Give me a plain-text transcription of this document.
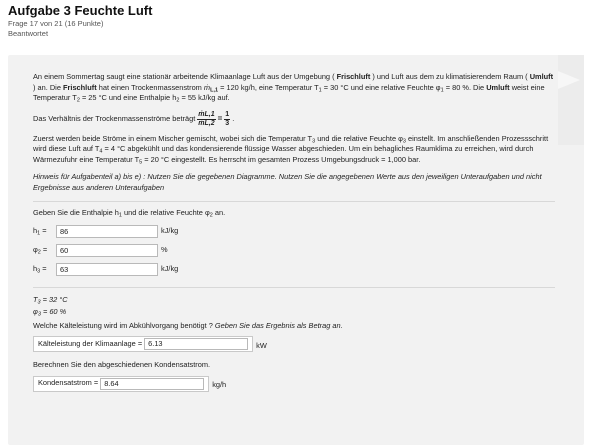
Aufgabe 3 Feuchte Luft
Frage 17 von 21 (16 Punkte)
Beantwortet

An einem Sommertag saugt eine stationär arbeitende Klimaanlage Luft aus der Umgebung ( Frischluft ) und Luft aus dem zu klimatisierendem Raum ( Umluft ) an. Die Frischluft hat einen Trockenmassenstrom ṁ$_{L,1}$ = 120 kg/h, eine Temperatur $T_1 = 30$ °C und eine relative Feuchte $\varphi_1 = 80$ %. Die Umluft weist eine Temperatur $T_2 = 25$ °C und eine Enthalpie $h_2 = 55$ kJ/kg auf.

Das Verhältnis der Trockenmassenströme beträgt $\frac{\text{ṁL,1}}{\text{ṁL,2}} = \frac{1}{3}$ .

Zuerst werden beide Ströme in einem Mischer gemischt, wobei sich die Temperatur $T_3$ und die relative Feuchte $\varphi_3$ einstellt. Im anschließenden Prozessschritt wird diese Luft auf $T_4 = 4$ °C abgekühlt und das kondensierende flüssige Wasser abgeschieden. Um ein behagliches Raumklima zu erreichen, wird durch Wärmezufuhr eine Temperatur $T_5 = 20$ °C eingestellt. Es herrscht im gesamten Prozess Umgebungsdruck = 1,000 bar.

Hinweis für Aufgabenteil a) bis e) : Nutzen Sie die gegebenen Diagramme. Nutzen Sie die angegebenen Werte aus den jeweiligen Unteraufgaben und nicht Ergebnisse aus anderen Unteraufgaben

Geben Sie die Enthalpie $h_1$ und die relative Feuchte $\varphi_2$ an.

$h_1$ =	86	kJ/kg
$\varphi_2$ =	60	%
$h_3$ =	63	kJ/kg

$T_3 = 32$ °C

$\varphi_3 = 60$ %

Welche Kälteleistung wird im Abkühlvorgang benötigt ? Geben Sie das Ergebnis als Betrag an.

Kälteleistung der Klimaanlage = 6.13	kW

Berechnen Sie den abgeschiedenen Kondensatstrom.

Kondensatstrom = 8.64	kg/h
